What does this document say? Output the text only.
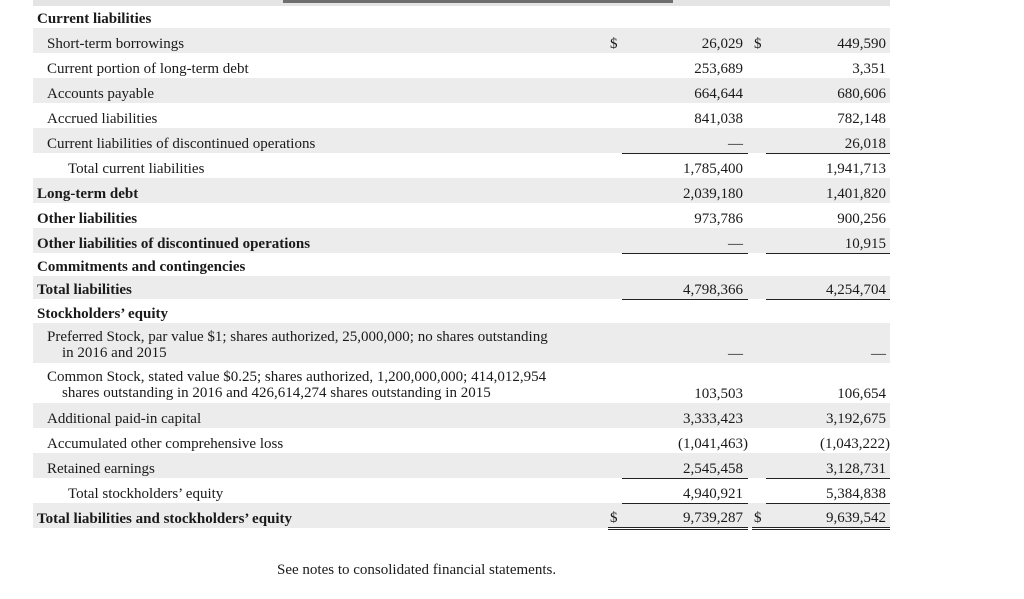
Current liabilities					
Short-term borrowings	$	26,029		$	449,590
Current portion of long-term debt		253,689			3,351
Accounts payable		664,644			680,606
Accrued liabilities		841,038			782,148
Current liabilities of discontinued operations		—			26,018
Total current liabilities		1,785,400			1,941,713
Long-term debt		2,039,180			1,401,820
Other liabilities		973,786			900,256
Other liabilities of discontinued operations		—			10,915
Commitments and contingencies					
Total liabilities		4,798,366			4,254,704
Stockholders’ equity					
Preferred Stock, par value $1; shares authorized, 25,000,000; no shares outstanding
in 2016 and 2015		—			—
Common Stock, stated value $0.25; shares authorized, 1,200,000,000; 414,012,954
shares outstanding in 2016 and 426,614,274 shares outstanding in 2015		103,503			106,654
Additional paid-in capital		3,333,423			3,192,675
Accumulated other comprehensive loss		(1,041,463)			(1,043,222)
Retained earnings		2,545,458			3,128,731
Total stockholders’ equity		4,940,921			5,384,838
Total liabilities and stockholders’ equity	$	9,739,287		$	9,639,542
See notes to consolidated financial statements.
